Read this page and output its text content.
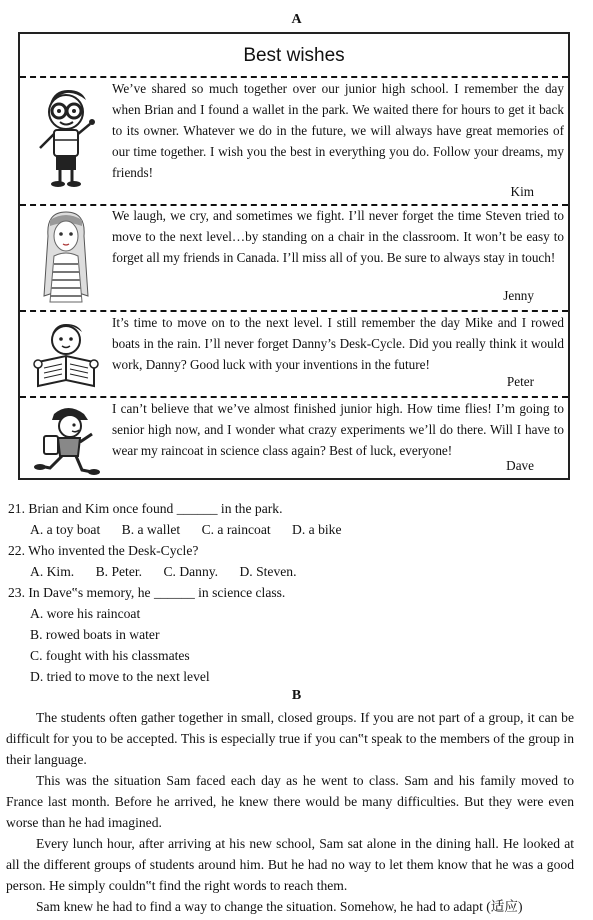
A
Best wishes
We’ve shared so much together over our junior high school. I remember the day when Brian and I found a wallet in the park. We waited there for hours to get it back to its owner. Whatever we do in the future, we will always have great memories of our time together. I wish you the best in everything you do. Follow your dreams, my friends!
Kim
We laugh, we cry, and sometimes we fight. I’ll never forget the time Steven tried to move to the next level…by standing on a chair in the classroom. It won’t be easy to forget all my friends in Canada. I’ll miss all of you. Be sure to always stay in touch!
Jenny
It’s time to move on to the next level. I still remember the day Mike and I rowed boats in the rain. I’ll never forget Danny’s Desk-Cycle. Did you really think it would work, Danny? Good luck with your inventions in the future!
Peter
I can’t believe that we’ve almost finished junior high. How time flies! I’m going to senior high now, and I wonder what crazy experiments we’ll do there. Will I have to wear my raincoat in science class again? Best of luck, everyone!
Dave
21. Brian and Kim once found ______ in the park.
A. a toy boat B. a wallet C. a raincoat D. a bike
22. Who invented the Desk-Cycle?
A. Kim. B. Peter. C. Danny. D. Steven.
23. In Dave‟s memory, he ______ in science class.
A. wore his raincoat
B. rowed boats in water
C. fought with his classmates
D. tried to move to the next level
B
The students often gather together in small, closed groups. If you are not part of a group, it can be difficult for you to be accepted. This is especially true if you can‟t speak to the members of the group in their language.
This was the situation Sam faced each day as he went to class. Sam and his family moved to France last month. Before he arrived, he knew there would be many difficulties. But they were even worse than he had imagined.
Every lunch hour, after arriving at his new school, Sam sat alone in the dining hall. He looked at all the different groups of students around him. But he had no way to let them know that he was a good person. He simply couldn‟t find the right words to reach them.
Sam knew he had to find a way to change the situation. Somehow, he had to adapt (适应)
